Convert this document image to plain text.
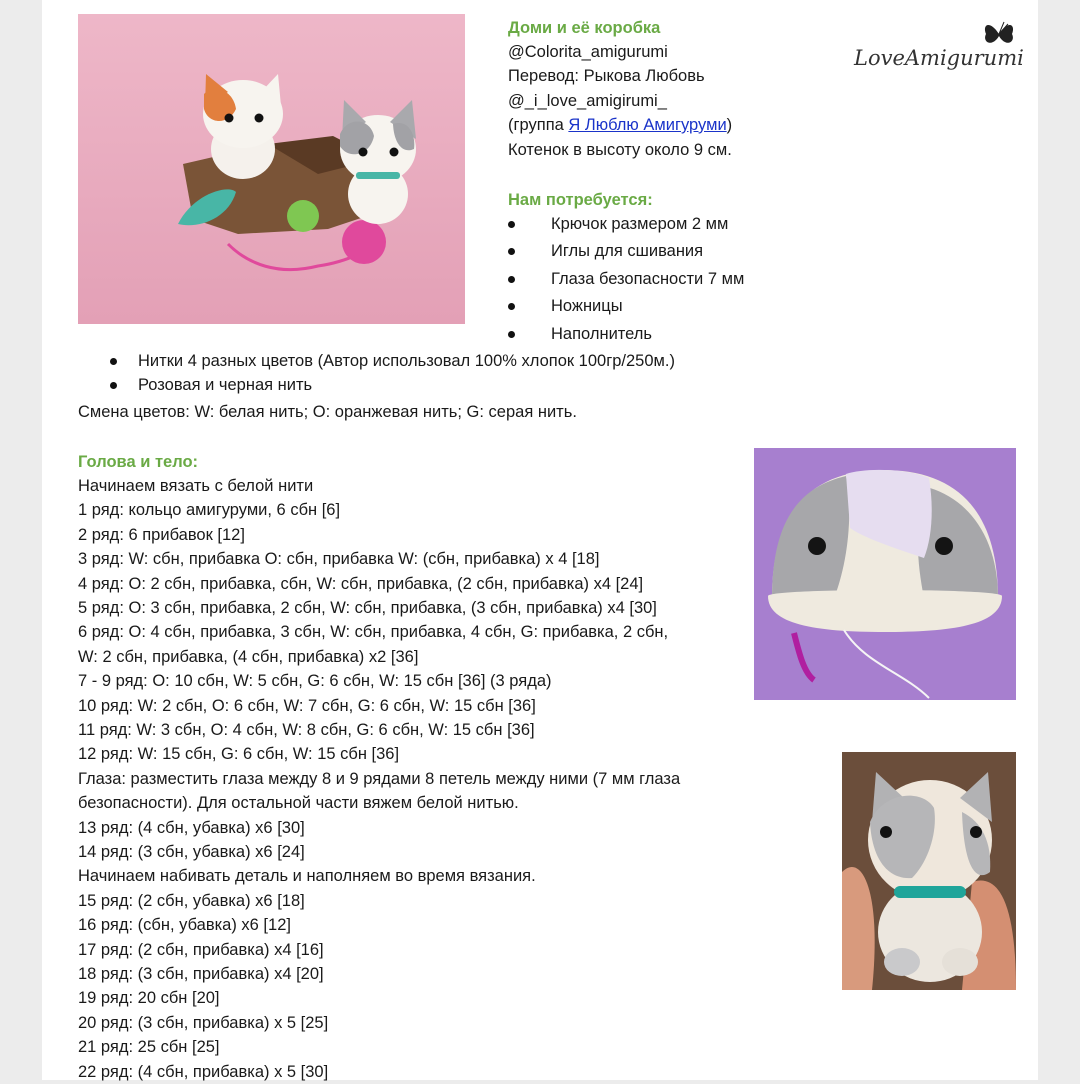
Доми и её коробка
@Colorita_amigurumi
Перевод: Рыкова Любовь
@_i_love_amigirumi_
(группа Я Люблю Амигуруми)
Котенок в высоту около 9 см.
LoveAmigurumi
Нам потребуется:
Крючок размером 2 мм
Иглы для сшивания
Глаза безопасности 7 мм
Ножницы
Наполнитель
Нитки 4 разных цветов (Автор использовал 100% хлопок 100гр/250м.)
Розовая и черная нить
Смена цветов: W: белая нить; O: оранжевая нить; G: серая нить.
Голова и тело:
Начинаем вязать с белой нити
1 ряд: кольцо амигуруми, 6 сбн [6]
2 ряд: 6 прибавок [12]
3 ряд: W: сбн, прибавка O: сбн, прибавка W: (сбн, прибавка) x 4 [18]
4 ряд: O: 2 сбн, прибавка, сбн, W: сбн, прибавка, (2 сбн, прибавка) x4 [24]
5 ряд: O: 3 сбн, прибавка, 2 сбн, W: сбн, прибавка, (3 сбн, прибавка) x4 [30]
6 ряд: O: 4 сбн, прибавка, 3 сбн, W: сбн, прибавка, 4 сбн, G: прибавка, 2 сбн,
W: 2 сбн, прибавка, (4 сбн, прибавка) x2 [36]
7 - 9 ряд: O: 10 сбн, W: 5 сбн, G: 6 сбн, W: 15 сбн [36] (3 ряда)
10 ряд: W: 2 сбн, O: 6 сбн, W: 7 сбн, G: 6 сбн, W: 15 сбн [36]
11 ряд: W: 3 сбн, O: 4 сбн, W: 8 сбн, G: 6 сбн, W: 15 сбн [36]
12 ряд: W: 15 сбн, G: 6 сбн, W: 15 сбн [36]
Глаза: разместить глаза между 8 и 9 рядами 8 петель между ними (7 мм глаза
безопасности). Для остальной части вяжем белой нитью.
13 ряд: (4 сбн, убавка) x6 [30]
14 ряд: (3 сбн, убавка) x6 [24]
Начинаем набивать деталь и наполняем во время вязания.
15 ряд: (2 сбн, убавка) x6 [18]
16 ряд: (сбн, убавка) x6 [12]
17 ряд: (2 сбн, прибавка) x4 [16]
18 ряд: (3 сбн, прибавка) x4 [20]
19 ряд: 20 сбн [20]
20 ряд: (3 сбн, прибавка) x 5 [25]
21 ряд: 25 сбн [25]
22 ряд: (4 сбн, прибавка) x 5 [30]
